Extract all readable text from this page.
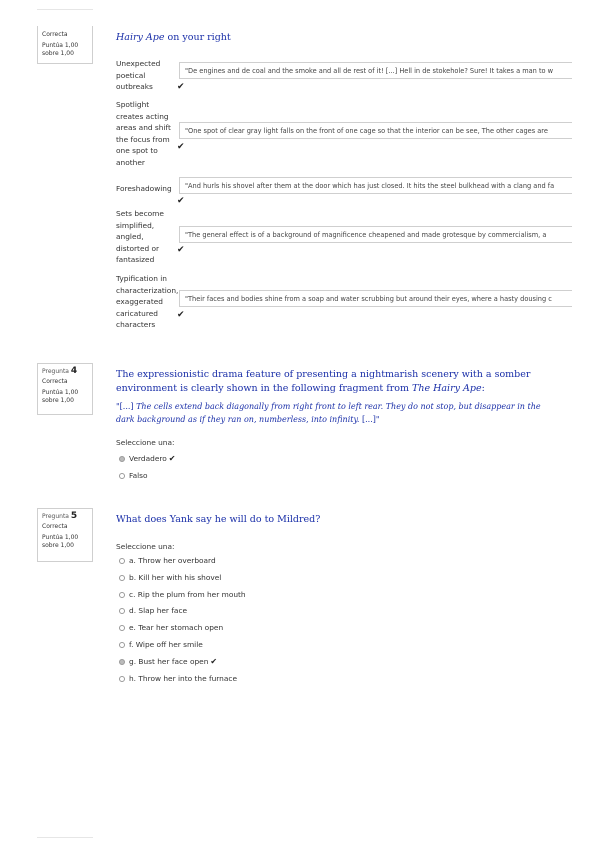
Correcta
Puntúa 1,00
sobre 1,00
Hairy Ape on your right
Unexpected poetical outbreaks
"De engines and de coal and the smoke and all de rest of it! [...] Hell in de stokehole? Sure! It takes a man to w
✔
Spotlight creates acting areas and shift the focus from one spot to another
"One spot of clear gray light falls on the front of one cage so that the interior can be see, The other cages are
✔
Foreshadowing	"And hurls his shovel after them at the door which has just closed. It hits the steel bulkhead with a clang and fa
✔
Sets become simplified, angled, distorted or fantasized
"The general effect is of a background of magnificence cheapened and made grotesque by commercialism, a
✔
Typification in characterization, exaggerated caricatured characters
"Their faces and bodies shine from a soap and water scrubbing but around their eyes, where a hasty dousing c
✔
Pregunta 4
Correcta
Puntúa 1,00
sobre 1,00
The expressionistic drama feature of presenting a nightmarish scenery with a somber environment is clearly shown in the following fragment from The Hairy Ape:
"[...] The cells extend back diagonally from right front to left rear. They do not stop, but disappear in the dark background as if they ran on, numberless, into infinity. [...]"
Seleccione una:
Verdadero ✔
Falso
Pregunta 5
Correcta
Puntúa 1,00
sobre 1,00
What does Yank say he will do to Mildred?
Seleccione una:
a. Throw her overboard
b. Kill her with his shovel
c. Rip the plum from her mouth
d. Slap her face
e. Tear her stomach open
f. Wipe off her smile
g. Bust her face open ✔
h. Throw her into the furnace
